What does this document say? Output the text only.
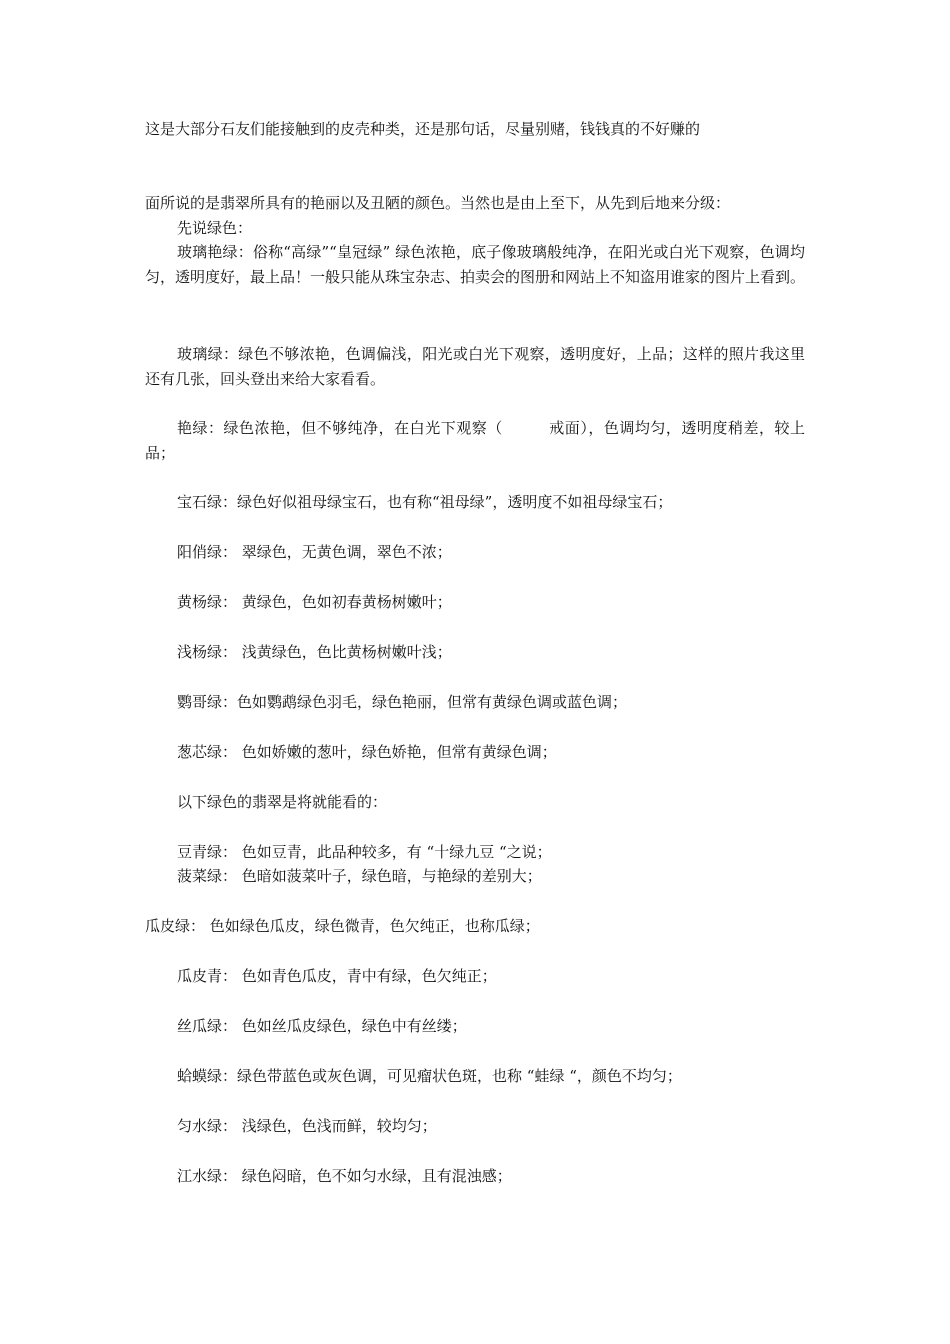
这是大部分石友们能接触到的皮壳种类，还是那句话，尽量别赌，钱钱真的不好赚的
面所说的是翡翠所具有的艳丽以及丑陋的颜色。当然也是由上至下，从先到后地来分级：
先说绿色：
玻璃艳绿：俗称“高绿”“皇冠绿” 绿色浓艳，底子像玻璃般纯净，在阳光或白光下观察，色调均匀，透明度好，最上品！一般只能从珠宝杂志、拍卖会的图册和网站上不知盗用谁家的图片上看到。
玻璃绿：绿色不够浓艳，色调偏浅，阳光或白光下观察，透明度好，上品；这样的照片我这里还有几张，回头登出来给大家看看。
艳绿：绿色浓艳，但不够纯净，在白光下观察（　　　戒面），色调均匀，透明度稍差，较上品；
宝石绿：绿色好似祖母绿宝石，也有称“祖母绿”，透明度不如祖母绿宝石；
阳俏绿： 翠绿色，无黄色调，翠色不浓；
黄杨绿： 黄绿色，色如初春黄杨树嫩叶；
浅杨绿： 浅黄绿色，色比黄杨树嫩叶浅；
鹦哥绿：色如鹦鹉绿色羽毛，绿色艳丽，但常有黄绿色调或蓝色调；
葱芯绿： 色如娇嫩的葱叶，绿色娇艳，但常有黄绿色调；
以下绿色的翡翠是将就能看的：
豆青绿： 色如豆青，此品种较多，有 “十绿九豆 “之说；
菠菜绿： 色暗如菠菜叶子，绿色暗，与艳绿的差别大；
瓜皮绿： 色如绿色瓜皮，绿色微青，色欠纯正，也称瓜绿；
瓜皮青： 色如青色瓜皮，青中有绿，色欠纯正；
丝瓜绿： 色如丝瓜皮绿色，绿色中有丝缕；
蛤蟆绿：绿色带蓝色或灰色调，可见瘤状色斑，也称 “蛙绿 “，颜色不均匀；
匀水绿： 浅绿色，色浅而鲜，较均匀；
江水绿： 绿色闷暗，色不如匀水绿，且有混浊感；
